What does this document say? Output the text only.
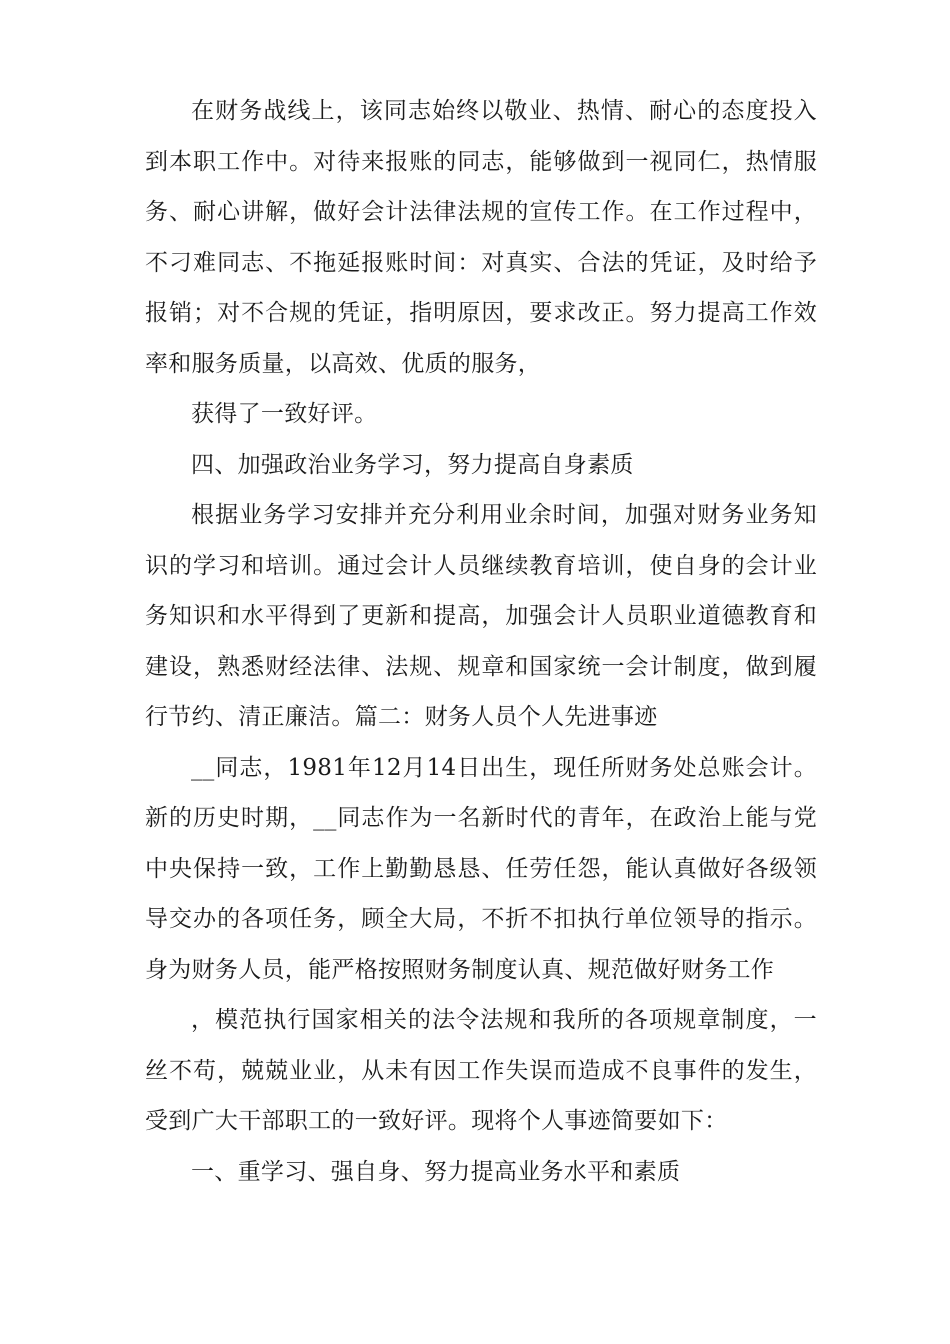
在财务战线上，该同志始终以敬业、热情、耐心的态度投入到本职工作中。对待来报账的同志，能够做到一视同仁，热情服务、耐心讲解，做好会计法律法规的宣传工作。在工作过程中，不刁难同志、不拖延报账时间：对真实、合法的凭证，及时给予报销；对不合规的凭证，指明原因，要求改正。努力提高工作效率和服务质量，以高效、优质的服务，

获得了一致好评。

四、加强政治业务学习，努力提高自身素质

根据业务学习安排并充分利用业余时间，加强对财务业务知识的学习和培训。通过会计人员继续教育培训，使自身的会计业务知识和水平得到了更新和提高，加强会计人员职业道德教育和建设，熟悉财经法律、法规、规章和国家统一会计制度，做到履行节约、清正廉洁。篇二：财务人员个人先进事迹

__同志，1981年12月14日出生，现任所财务处总账会计。新的历史时期，__同志作为一名新时代的青年，在政治上能与党中央保持一致，工作上勤勤恳恳、任劳任怨，能认真做好各级领导交办的各项任务，顾全大局，不折不扣执行单位领导的指示。身为财务人员，能严格按照财务制度认真、规范做好财务工作

，模范执行国家相关的法令法规和我所的各项规章制度，一丝不苟，兢兢业业，从未有因工作失误而造成不良事件的发生，受到广大干部职工的一致好评。现将个人事迹简要如下：

一、重学习、强自身、努力提高业务水平和素质
